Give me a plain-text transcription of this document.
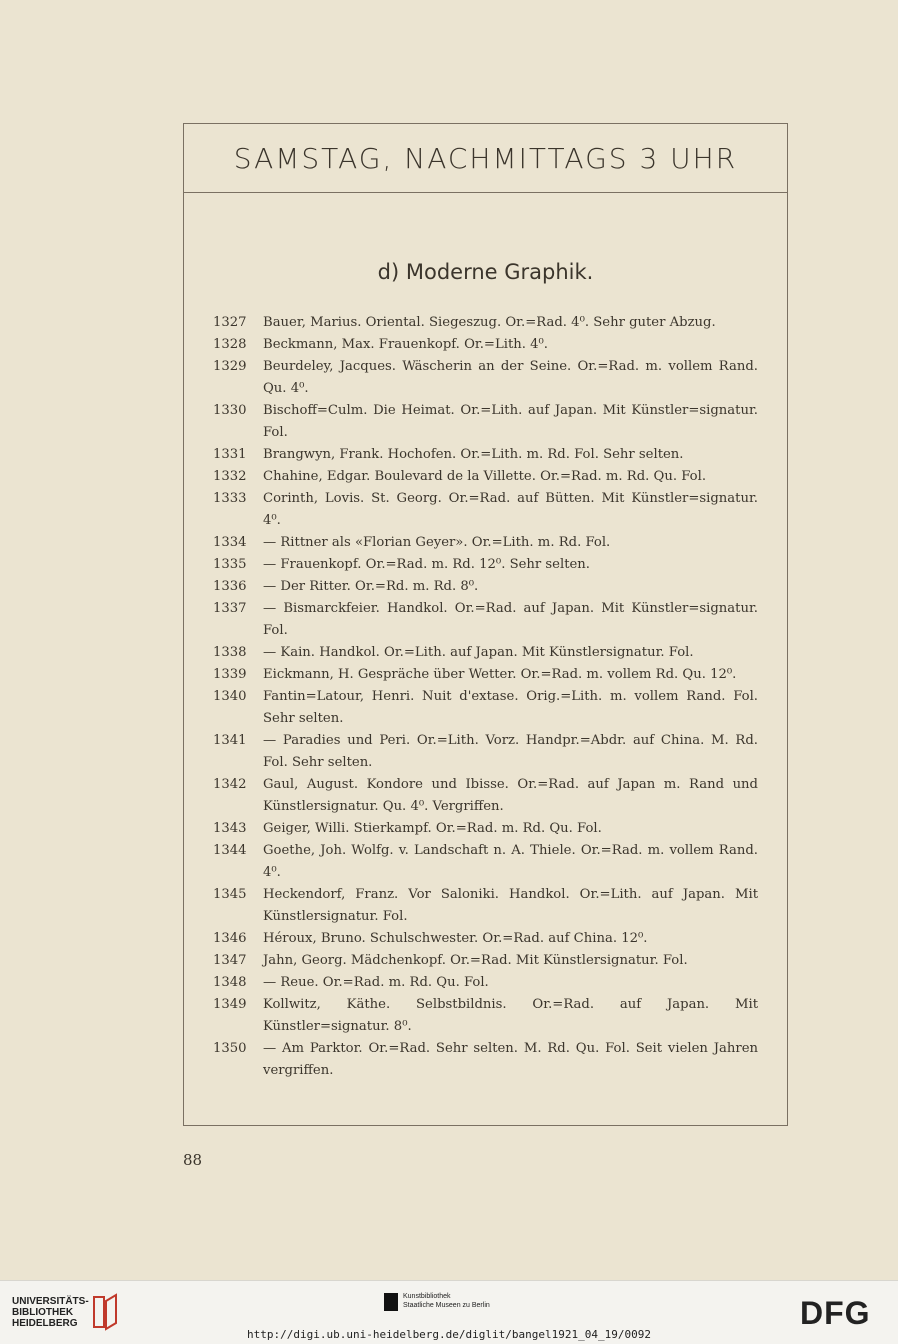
SAMSTAG, NACHMITTAGS 3 UHR
d) Moderne Graphik.
1327	Bauer, Marius. Oriental. Siegeszug. Or.=Rad. 4⁰. Sehr guter Abzug.
1328	Beckmann, Max. Frauenkopf. Or.=Lith. 4⁰.
1329	Beurdeley, Jacques. Wäscherin an der Seine. Or.=Rad. m. vollem Rand. Qu. 4⁰.
1330	Bischoff=Culm. Die Heimat. Or.=Lith. auf Japan. Mit Künstler=signatur. Fol.
1331	Brangwyn, Frank. Hochofen. Or.=Lith. m. Rd. Fol. Sehr selten.
1332	Chahine, Edgar. Boulevard de la Villette. Or.=Rad. m. Rd. Qu. Fol.
1333	Corinth, Lovis. St. Georg. Or.=Rad. auf Bütten. Mit Künstler=signatur. 4⁰.
1334	— Rittner als «Florian Geyer». Or.=Lith. m. Rd. Fol.
1335	— Frauenkopf. Or.=Rad. m. Rd. 12⁰. Sehr selten.
1336	— Der Ritter. Or.=Rd. m. Rd. 8⁰.
1337	— Bismarckfeier. Handkol. Or.=Rad. auf Japan. Mit Künstler=signatur. Fol.
1338	— Kain. Handkol. Or.=Lith. auf Japan. Mit Künstlersignatur. Fol.
1339	Eickmann, H. Gespräche über Wetter. Or.=Rad. m. vollem Rd. Qu. 12⁰.
1340	Fantin=Latour, Henri. Nuit d'extase. Orig.=Lith. m. vollem Rand. Fol. Sehr selten.
1341	— Paradies und Peri. Or.=Lith. Vorz. Handpr.=Abdr. auf China. M. Rd. Fol. Sehr selten.
1342	Gaul, August. Kondore und Ibisse. Or.=Rad. auf Japan m. Rand und Künstlersignatur. Qu. 4⁰. Vergriffen.
1343	Geiger, Willi. Stierkampf. Or.=Rad. m. Rd. Qu. Fol.
1344	Goethe, Joh. Wolfg. v. Landschaft n. A. Thiele. Or.=Rad. m. vollem Rand. 4⁰.
1345	Heckendorf, Franz. Vor Saloniki. Handkol. Or.=Lith. auf Japan. Mit Künstlersignatur. Fol.
1346	Héroux, Bruno. Schulschwester. Or.=Rad. auf China. 12⁰.
1347	Jahn, Georg. Mädchenkopf. Or.=Rad. Mit Künstlersignatur. Fol.
1348	— Reue. Or.=Rad. m. Rd. Qu. Fol.
1349	Kollwitz, Käthe. Selbstbildnis. Or.=Rad. auf Japan. Mit Künstler=signatur. 8⁰.
1350	— Am Parktor. Or.=Rad. Sehr selten. M. Rd. Qu. Fol. Seit vielen Jahren vergriffen.
88
UNIVERSITÄTS-
BIBLIOTHEK
HEIDELBERG
Kunstbibliothek
Staatliche Museen zu Berlin	DFG
http://digi.ub.uni-heidelberg.de/diglit/bangel1921_04_19/0092
